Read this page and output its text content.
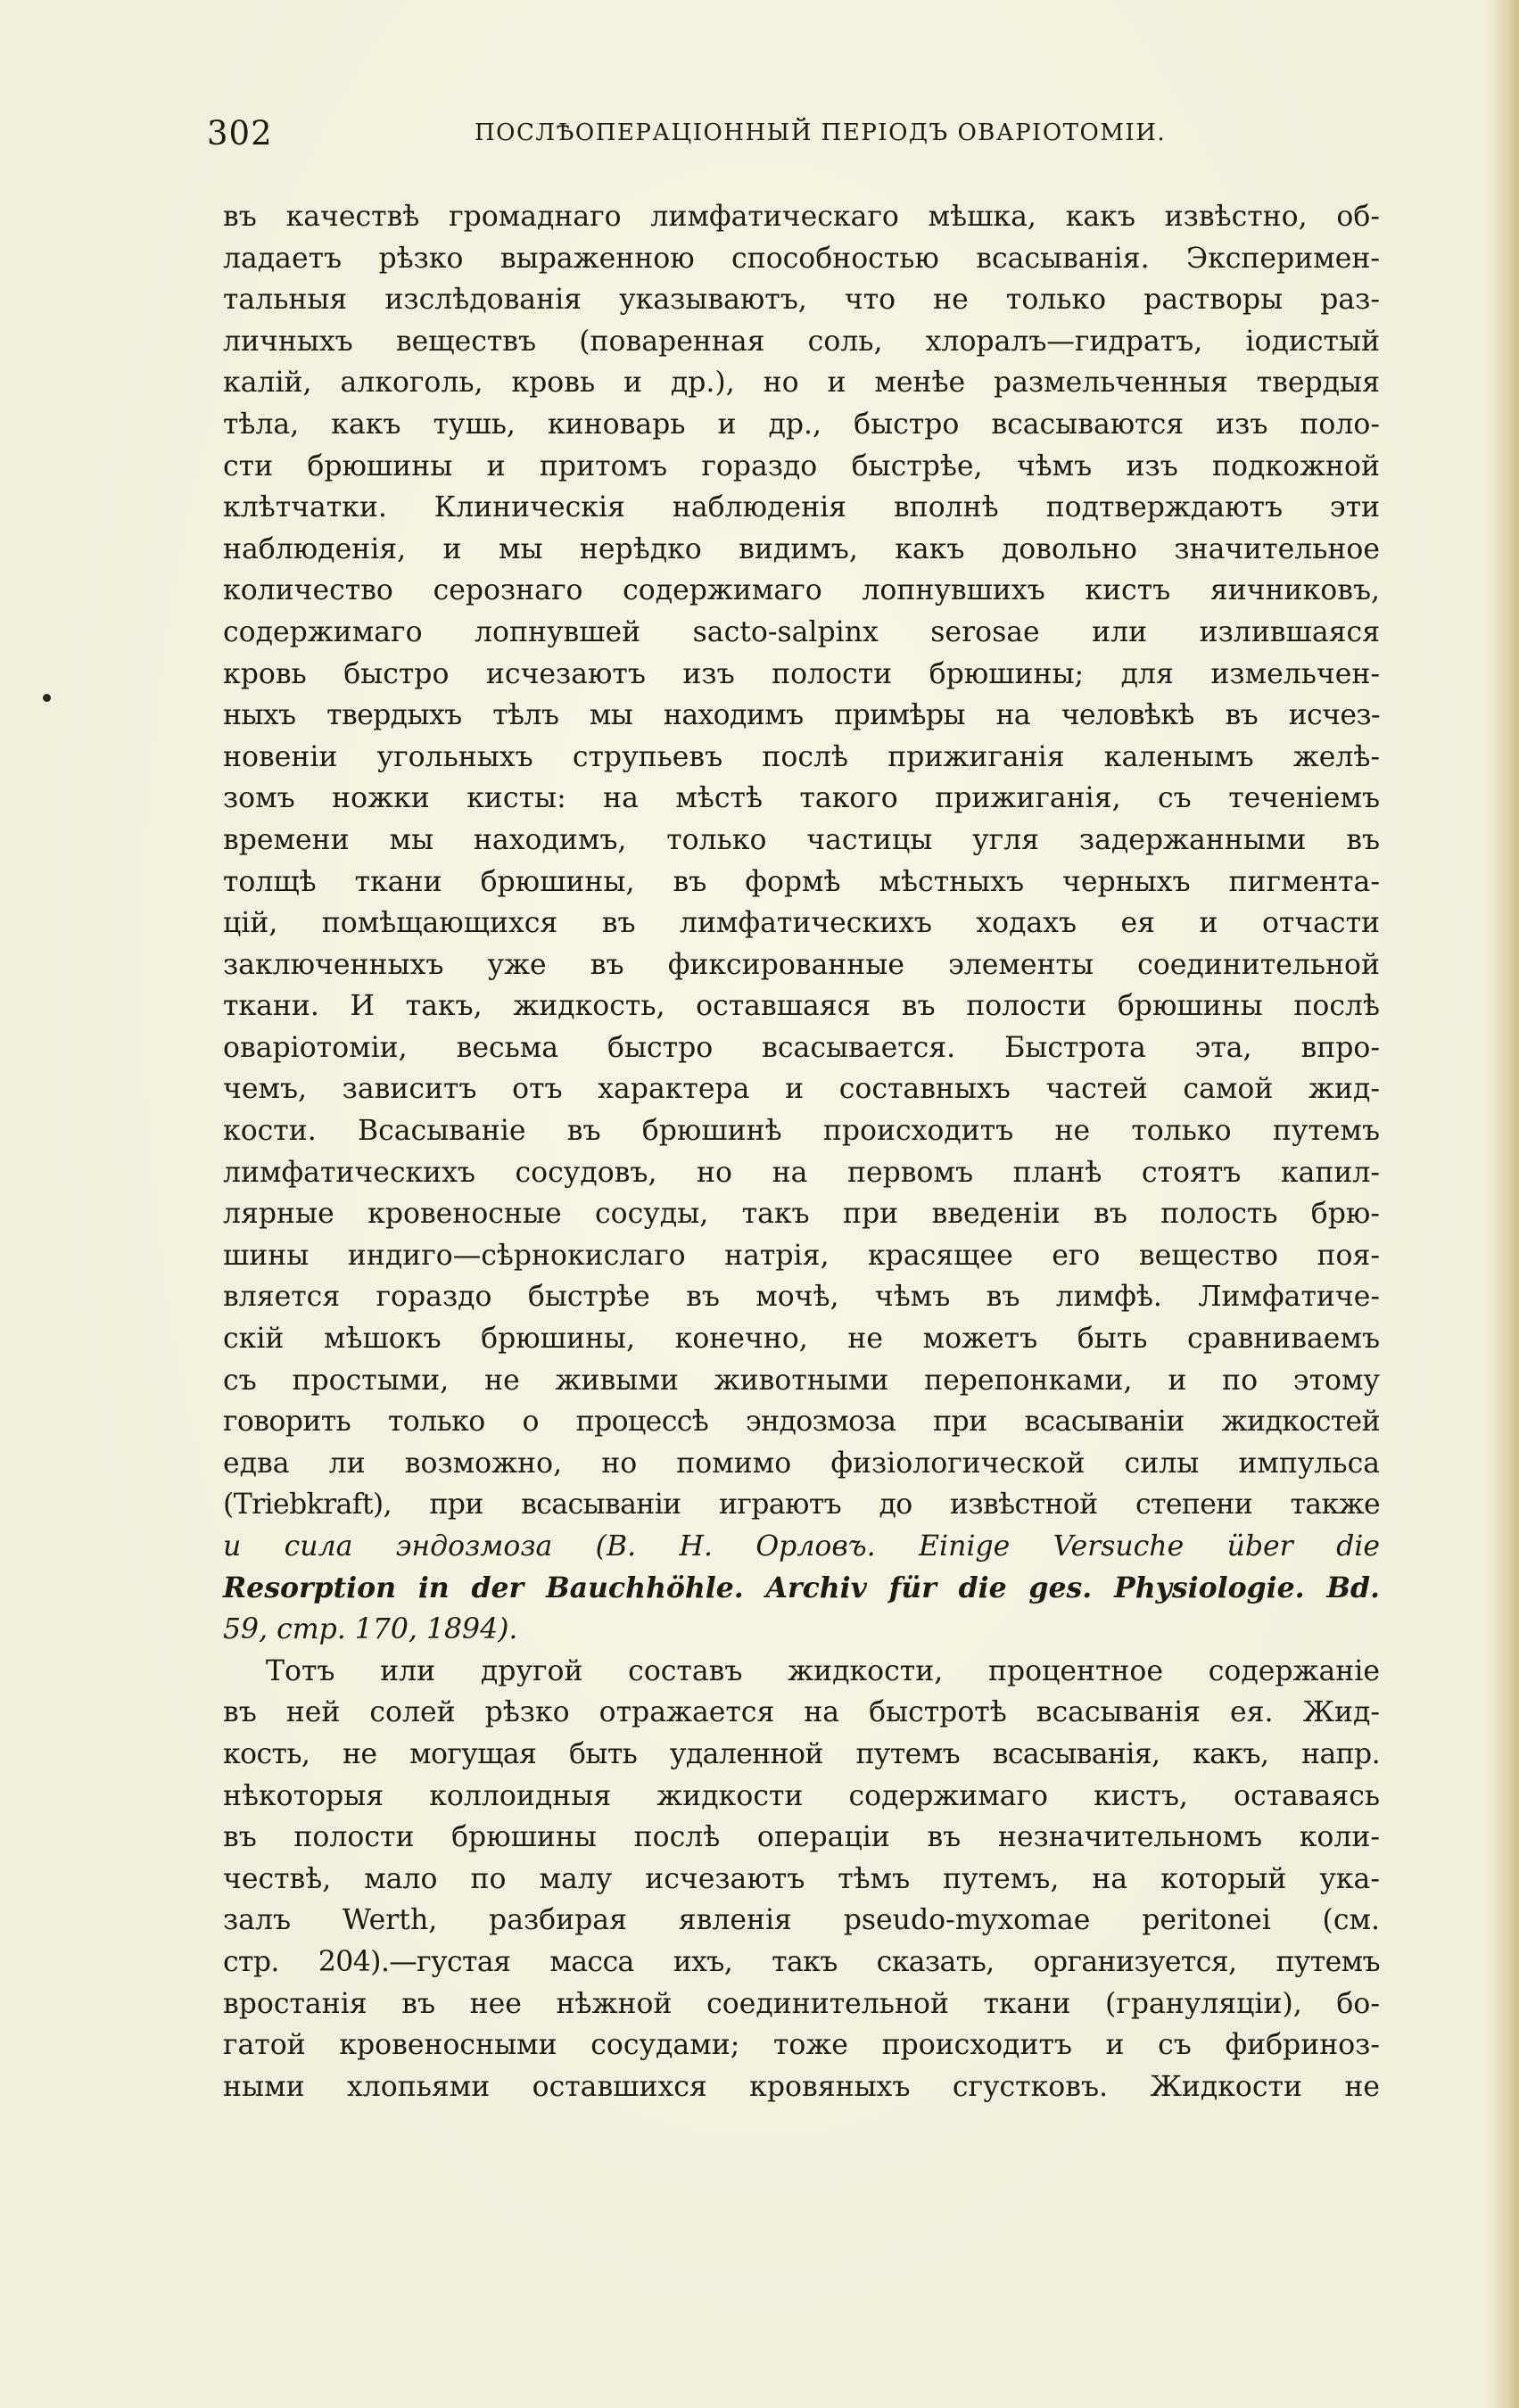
302	ПОСЛѢОПЕРАЦIОННЫЙ ПЕРIОДЪ ОВАРIОТОМIИ.
въ качествѣ громаднаго лимфатическаго мѣшка, какъ извѣстно, об-
ладаетъ рѣзко выраженною способностью всасыванiя. Эксперимен-
тальныя изслѣдованiя указываютъ, что не только растворы раз-
личныхъ веществъ (поваренная соль, хлоралъ—гидратъ, iодистый
калiй, алкоголь, кровь и др.), но и менѣе размельченныя твердыя
тѣла, какъ тушь, киноварь и др., быстро всасываются изъ поло-
сти брюшины и притомъ гораздо быстрѣе, чѣмъ изъ подкожной
клѣтчатки. Клиническiя наблюденiя вполнѣ подтверждаютъ эти
наблюденiя, и мы нерѣдко видимъ, какъ довольно значительное
количество серознаго содержимаго лопнувшихъ кистъ яичниковъ,
содержимаго лопнувшей sacto-salpinx serosae или излившаяся
кровь быстро исчезаютъ изъ полости брюшины; для измельчен-
ныхъ твердыхъ тѣлъ мы находимъ примѣры на человѣкѣ въ исчез-
новенiи угольныхъ струпьевъ послѣ прижиганiя каленымъ желѣ-
зомъ ножки кисты: на мѣстѣ такого прижиганiя, съ теченiемъ
времени мы находимъ, только частицы угля задержанными въ
толщѣ ткани брюшины, въ формѣ мѣстныхъ черныхъ пигмента-
цiй, помѣщающихся въ лимфатическихъ ходахъ ея и отчасти
заключенныхъ уже въ фиксированные элементы соединительной
ткани. И такъ, жидкость, оставшаяся въ полости брюшины послѣ
оварiотомiи, весьма быстро всасывается. Быстрота эта, впро-
чемъ, зависитъ отъ характера и составныхъ частей самой жид-
кости. Всасыванiе въ брюшинѣ происходитъ не только путемъ
лимфатическихъ сосудовъ, но на первомъ планѣ стоятъ капил-
лярные кровеносные сосуды, такъ при введенiи въ полость брю-
шины индиго—сѣрнокислаго натрiя, красящее его вещество поя-
вляется гораздо быстрѣе въ мочѣ, чѣмъ въ лимфѣ. Лимфатиче-
скiй мѣшокъ брюшины, конечно, не можетъ быть сравниваемъ
съ простыми, не живыми животными перепонками, и по этому
говорить только о процессѣ эндозмоза при всасыванiи жидкостей
едва ли возможно, но помимо физiологической силы импульса
(Triebkraft), при всасыванiи играютъ до извѣстной степени также
и сила эндозмоза (В. Н. Орловъ. Einige Versuche über die
Resorption in der Bauchhöhle. Archiv für die ges. Physiologie. Bd.
59, стр. 170, 1894).
Тотъ или другой составъ жидкости, процентное содержанiе
въ ней солей рѣзко отражается на быстротѣ всасыванiя ея. Жид-
кость, не могущая быть удаленной путемъ всасыванiя, какъ, напр.
нѣкоторыя коллоидныя жидкости содержимаго кистъ, оставаясь
въ полости брюшины послѣ операцiи въ незначительномъ коли-
чествѣ, мало по малу исчезаютъ тѣмъ путемъ, на который ука-
залъ Werth, разбирая явленiя pseudo-myxomae peritonei (см.
стр. 204).—густая масса ихъ, такъ сказать, организуется, путемъ
вростанiя въ нее нѣжной соединительной ткани (грануляцiи), бо-
гатой кровеносными сосудами; тоже происходитъ и съ фибриноз-
ными хлопьями оставшихся кровяныхъ сгустковъ. Жидкости не
